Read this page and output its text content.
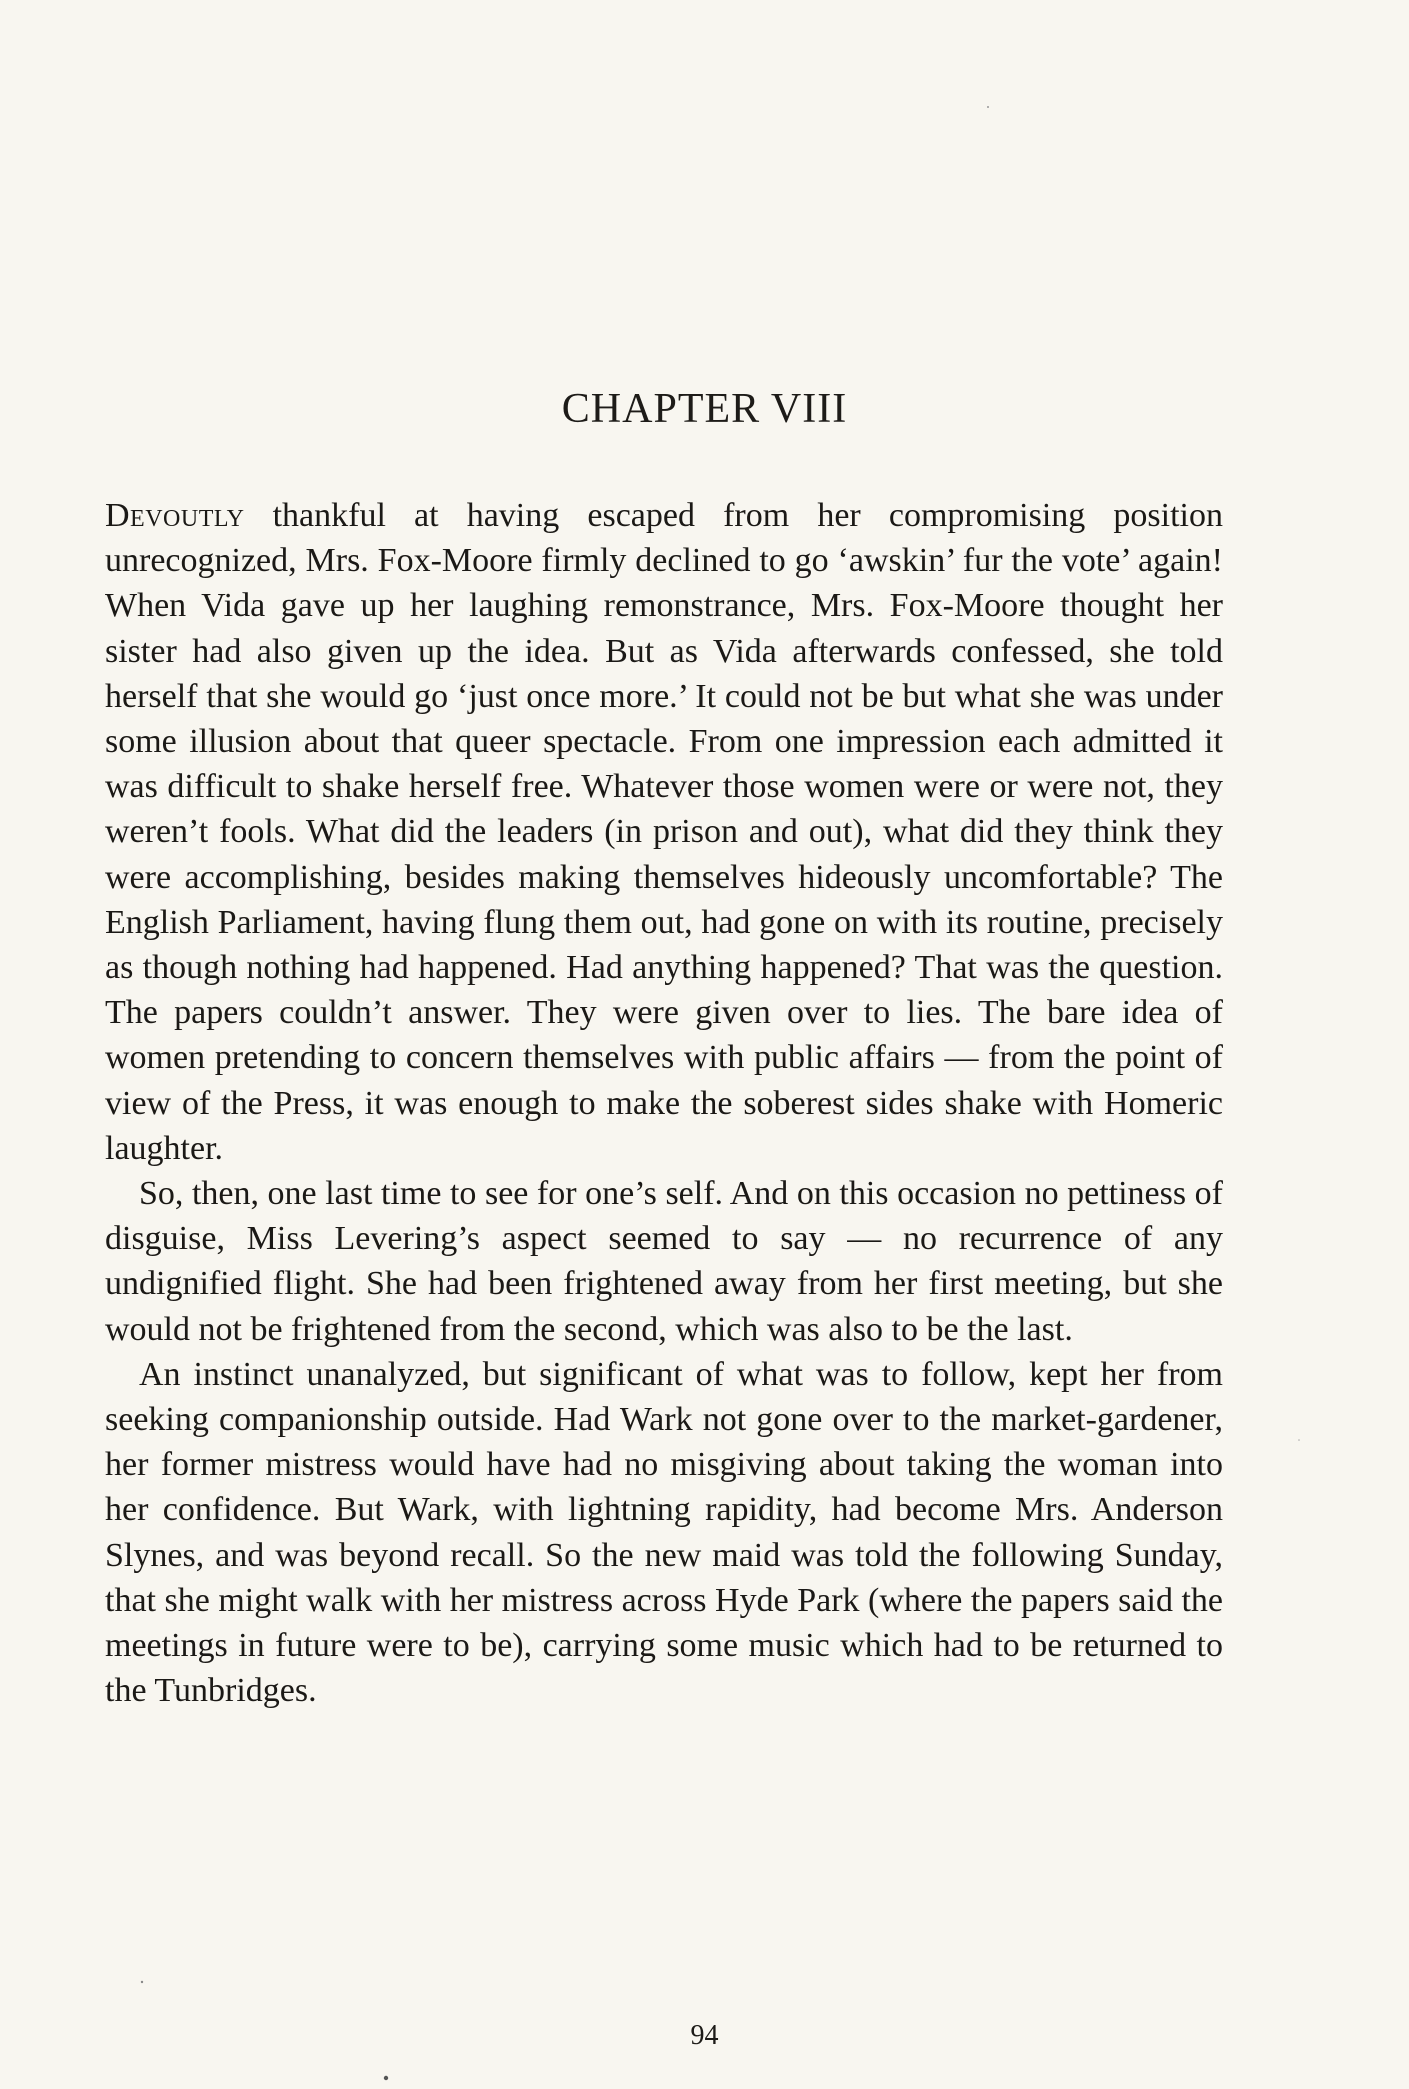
CHAPTER VIII

Devoutly thankful at having escaped from her compromising position unrecognized, Mrs. Fox-Moore firmly declined to go ‘awskin’ fur the vote’ again! When Vida gave up her laughing remonstrance, Mrs. Fox-Moore thought her sister had also given up the idea. But as Vida afterwards confessed, she told herself that she would go ‘just once more.’ It could not be but what she was under some illusion about that queer spectacle. From one impression each admitted it was difficult to shake herself free. Whatever those women were or were not, they weren’t fools. What did the leaders (in prison and out), what did they think they were accomplishing, besides making themselves hideously uncomfortable? The English Parliament, having flung them out, had gone on with its routine, precisely as though nothing had happened. Had anything happened? That was the question. The papers couldn’t answer. They were given over to lies. The bare idea of women pretending to concern themselves with public affairs — from the point of view of the Press, it was enough to make the soberest sides shake with Homeric laughter.

So, then, one last time to see for one’s self. And on this occasion no pettiness of disguise, Miss Levering’s aspect seemed to say — no recurrence of any undignified flight. She had been frightened away from her first meeting, but she would not be frightened from the second, which was also to be the last.

An instinct unanalyzed, but significant of what was to follow, kept her from seeking companionship outside. Had Wark not gone over to the market-gardener, her former mistress would have had no misgiving about taking the woman into her confidence. But Wark, with lightning rapidity, had become Mrs. Anderson Slynes, and was beyond recall. So the new maid was told the following Sunday, that she might walk with her mistress across Hyde Park (where the papers said the meetings in future were to be), carrying some music which had to be returned to the Tunbridges.

94
